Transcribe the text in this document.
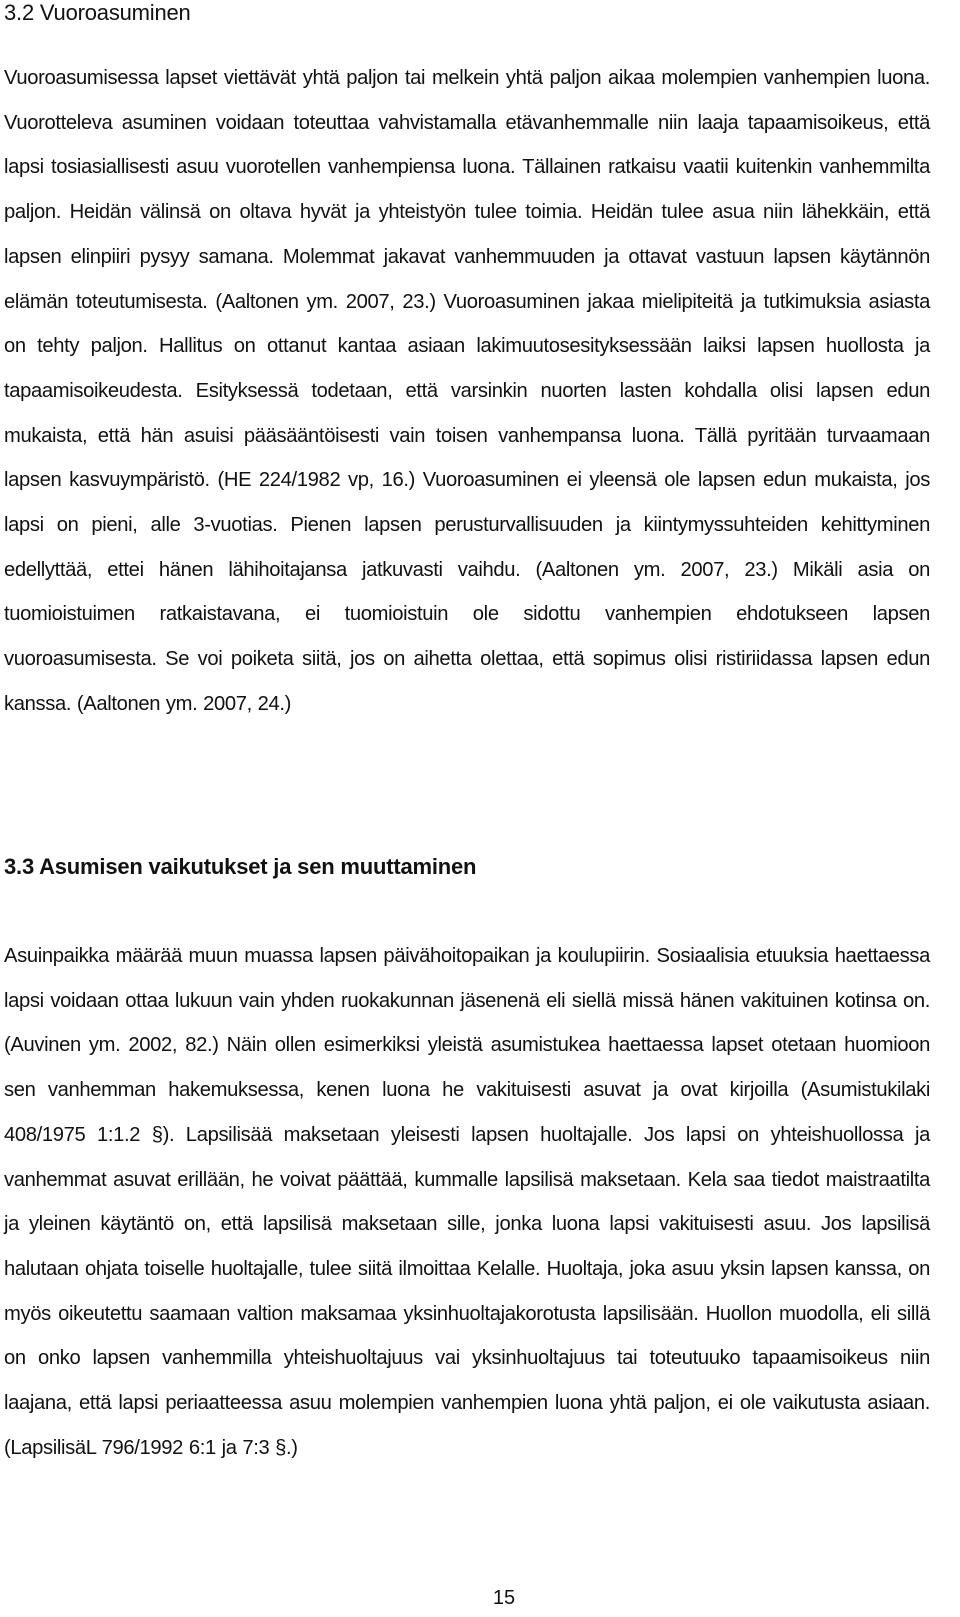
3.2 Vuoroasuminen

Vuoroasumisessa lapset viettävät yhtä paljon tai melkein yhtä paljon aikaa molempien vanhempien luona. Vuorotteleva asuminen voidaan toteuttaa vahvistamalla etävanhemmalle niin laaja tapaamisoikeus, että lapsi tosiasiallisesti asuu vuorotellen vanhempiensa luona. Tällainen ratkaisu vaatii kuitenkin vanhemmilta paljon. Heidän välinsä on oltava hyvät ja yhteistyön tulee toimia. Heidän tulee asua niin lähekkäin, että lapsen elinpiiri pysyy samana. Molemmat jakavat vanhemmuuden ja ottavat vastuun lapsen käytännön elämän toteutumisesta. (Aaltonen ym. 2007, 23.) Vuoroasuminen jakaa mielipiteitä ja tutkimuksia asiasta on tehty paljon. Hallitus on ottanut kantaa asiaan lakimuutosesityksessään laiksi lapsen huollosta ja tapaamisoikeudesta. Esityksessä todetaan, että varsinkin nuorten lasten kohdalla olisi lapsen edun mukaista, että hän asuisi pääsääntöisesti vain toisen vanhempansa luona. Tällä pyritään turvaamaan lapsen kasvuympäristö. (HE 224/1982 vp, 16.) Vuoroasuminen ei yleensä ole lapsen edun mukaista, jos lapsi on pieni, alle 3-vuotias. Pienen lapsen perusturvallisuuden ja kiintymyssuhteiden kehittyminen edellyttää, ettei hänen lähihoitajansa jatkuvasti vaihdu. (Aaltonen ym. 2007, 23.) Mikäli asia on tuomioistuimen ratkaistavana, ei tuomioistuin ole sidottu vanhempien ehdotukseen lapsen vuoroasumisesta. Se voi poiketa siitä, jos on aihetta olettaa, että sopimus olisi ristiriidassa lapsen edun kanssa. (Aaltonen ym. 2007, 24.)

3.3 Asumisen vaikutukset ja sen muuttaminen

Asuinpaikka määrää muun muassa lapsen päivähoitopaikan ja koulupiirin. Sosiaalisia etuuksia haettaessa lapsi voidaan ottaa lukuun vain yhden ruokakunnan jäsenenä eli siellä missä hänen vakituinen kotinsa on. (Auvinen ym. 2002, 82.) Näin ollen esimerkiksi yleistä asumistukea haettaessa lapset otetaan huomioon sen vanhemman hakemuksessa, kenen luona he vakituisesti asuvat ja ovat kirjoilla (Asumistukilaki 408/1975 1:1.2 §). Lapsilisää maksetaan yleisesti lapsen huoltajalle. Jos lapsi on yhteishuollossa ja vanhemmat asuvat erillään, he voivat päättää, kummalle lapsilisä maksetaan. Kela saa tiedot maistraatilta ja yleinen käytäntö on, että lapsilisä maksetaan sille, jonka luona lapsi vakituisesti asuu. Jos lapsilisä halutaan ohjata toiselle huoltajalle, tulee siitä ilmoittaa Kelalle. Huoltaja, joka asuu yksin lapsen kanssa, on myös oikeutettu saamaan valtion maksamaa yksinhuoltajakorotusta lapsilisään. Huollon muodolla, eli sillä on onko lapsen vanhemmilla yhteishuoltajuus vai yksinhuoltajuus tai toteutuuko tapaamisoikeus niin laajana, että lapsi periaatteessa asuu molempien vanhempien luona yhtä paljon, ei ole vaikutusta asiaan. (LapsilisäL 796/1992 6:1 ja 7:3 §.)

15
